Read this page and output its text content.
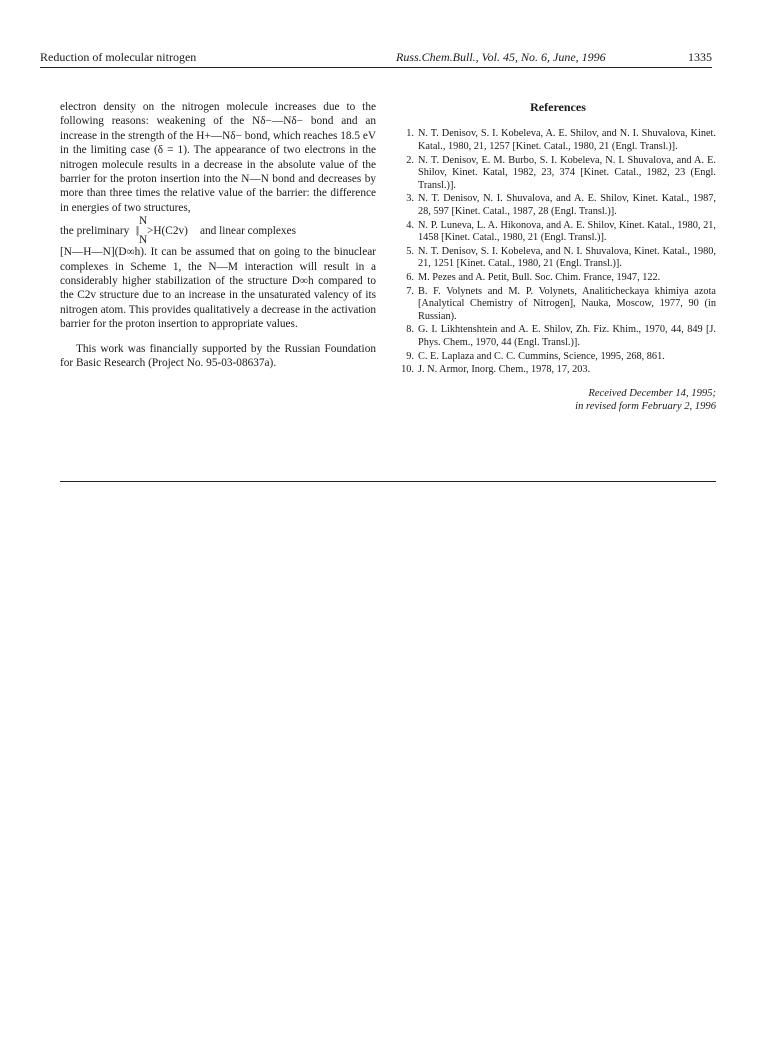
Reduction of molecular nitrogen	Russ.Chem.Bull., Vol. 45, No. 6, June, 1996	1335

electron density on the nitrogen molecule increases due to the following reasons: weakening of the Nδ−—Nδ− bond and an increase in the strength of the H+—Nδ− bond, which reaches 18.5 eV in the limiting case (δ = 1). The appearance of two electrons in the nitrogen molecule results in a decrease in the absolute value of the barrier for the proton insertion into the N—N bond and decreases by more than three times the relative value of the barrier: the difference in energies of two structures,

the preliminary
N
||
N
>H(C2v) and linear complexes

[N—H—N](D∞h). It can be assumed that on going to the binuclear complexes in Scheme 1, the N—M interaction will result in a considerably higher stabilization of the structure D∞h compared to the C2v structure due to an increase in the unsaturated valency of its nitrogen atom. This provides qualitatively a decrease in the activation barrier for the proton insertion to appropriate values.

This work was financially supported by the Russian Foundation for Basic Research (Project No. 95-03-08637a).

References
1. N. T. Denisov, S. I. Kobeleva, A. E. Shilov, and N. I. Shuvalova, Kinet. Katal., 1980, 21, 1257 [Kinet. Catal., 1980, 21 (Engl. Transl.)].
2. N. T. Denisov, E. M. Burbo, S. I. Kobeleva, N. I. Shuvalova, and A. E. Shilov, Kinet. Katal, 1982, 23, 374 [Kinet. Catal., 1982, 23 (Engl. Transl.)].
3. N. T. Denisov, N. I. Shuvalova, and A. E. Shilov, Kinet. Katal., 1987, 28, 597 [Kinet. Catal., 1987, 28 (Engl. Transl.)].
4. N. P. Luneva, L. A. Hikonova, and A. E. Shilov, Kinet. Katal., 1980, 21, 1458 [Kinet. Catal., 1980, 21 (Engl. Transl.)].
5. N. T. Denisov, S. I. Kobeleva, and N. I. Shuvalova, Kinet. Katal., 1980, 21, 1251 [Kinet. Catal., 1980, 21 (Engl. Transl.)].
6. M. Pezes and A. Petit, Bull. Soc. Chim. France, 1947, 122.
7. B. F. Volynets and M. P. Volynets, Analiticheckaya khimiya azota [Analytical Chemistry of Nitrogen], Nauka, Moscow, 1977, 90 (in Russian).
8. G. I. Likhtenshtein and A. E. Shilov, Zh. Fiz. Khim., 1970, 44, 849 [J. Phys. Chem., 1970, 44 (Engl. Transl.)].
9. C. E. Laplaza and C. C. Cummins, Science, 1995, 268, 861.
10. J. N. Armor, Inorg. Chem., 1978, 17, 203.
Received December 14, 1995;
in revised form February 2, 1996
